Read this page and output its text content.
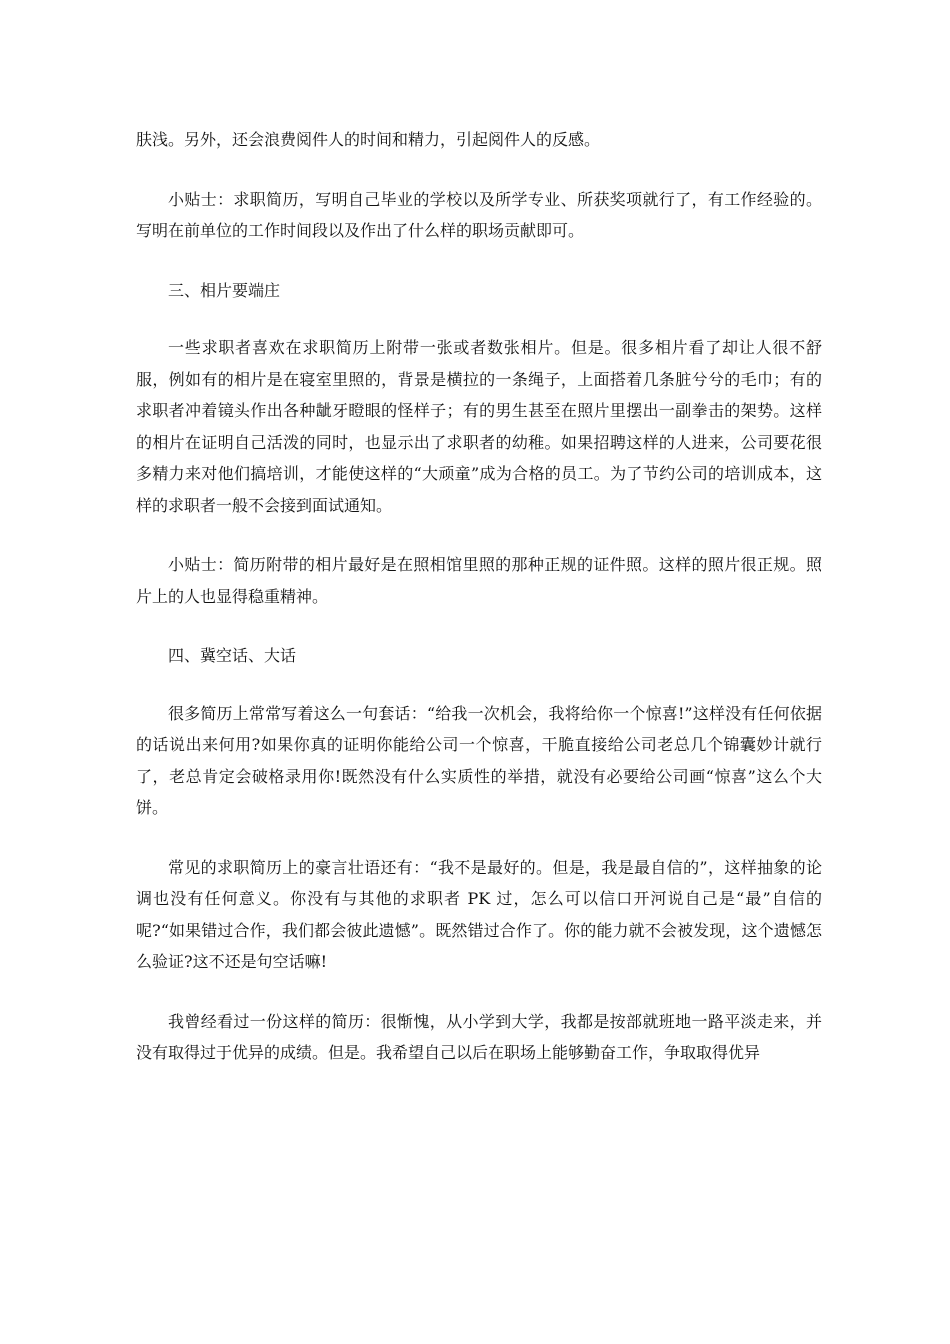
肤浅。另外，还会浪费阅件人的时间和精力，引起阅件人的反感。

小贴士：求职简历，写明自己毕业的学校以及所学专业、所获奖项就行了，有工作经验的。写明在前单位的工作时间段以及作出了什么样的职场贡献即可。

三、相片要端庄

一些求职者喜欢在求职简历上附带一张或者数张相片。但是。很多相片看了却让人很不舒服，例如有的相片是在寝室里照的，背景是横拉的一条绳子，上面搭着几条脏兮兮的毛巾；有的求职者冲着镜头作出各种龇牙瞪眼的怪样子；有的男生甚至在照片里摆出一副拳击的架势。这样的相片在证明自己活泼的同时，也显示出了求职者的幼稚。如果招聘这样的人进来，公司要花很多精力来对他们搞培训，才能使这样的“大顽童”成为合格的员工。为了节约公司的培训成本，这样的求职者一般不会接到面试通知。

小贴士：简历附带的相片最好是在照相馆里照的那种正规的证件照。这样的照片很正规。照片上的人也显得稳重精神。

四、冀空话、大话

很多简历上常常写着这么一句套话：“给我一次机会，我将给你一个惊喜!”这样没有任何依据的话说出来何用?如果你真的证明你能给公司一个惊喜，干脆直接给公司老总几个锦囊妙计就行了，老总肯定会破格录用你!既然没有什么实质性的举措，就没有必要给公司画“惊喜”这么个大饼。

常见的求职简历上的豪言壮语还有：“我不是最好的。但是，我是最自信的”，这样抽象的论调也没有任何意义。你没有与其他的求职者 PK 过，怎么可以信口开河说自己是“最”自信的呢?“如果错过合作，我们都会彼此遗憾”。既然错过合作了。你的能力就不会被发现，这个遗憾怎么验证?这不还是句空话嘛!

我曾经看过一份这样的简历：很惭愧，从小学到大学，我都是按部就班地一路平淡走来，并没有取得过于优异的成绩。但是。我希望自己以后在职场上能够勤奋工作，争取取得优异
